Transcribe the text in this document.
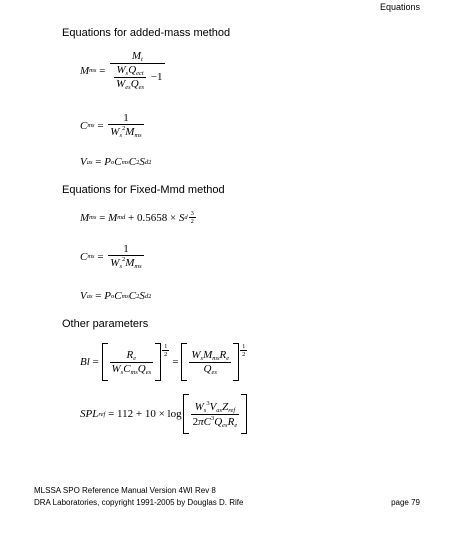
Equations
Equations for added-mass method
M ms = $\frac{M_t}{\frac{W_sQ_{ect}}{W_{es}Q_{es}} -1}$
C ms = $\frac{1}{W_s^2M_{ms}}$
V as = P o C ms C 2 S d 2
Equations for Fixed-Mmd method
M ms = M md + 0.5658 × S d $\frac{3}{2}$
C ms = $\frac{1}{W_s^2M_{ms}}$
V as = P o C ms C 2 S d 2
Other parameters
$Bl = \frac{R_e}{W_sC_{ms}Q_{es}} \frac{1}{2}$
= $\frac{W_sM_{ms}R_e}{Q_{es}} \frac{1}{2}$
SPL ref = $112 + 10 \times \log \frac{W_s^3V_{as}Z_{ref}}{2\pi C^3Q_{es}R_e}$
MLSSA SPO Reference Manual Version 4WI Rev 8
DRA Laboratories, copyright 1991-2005 by Douglas D. Rife	page 79
